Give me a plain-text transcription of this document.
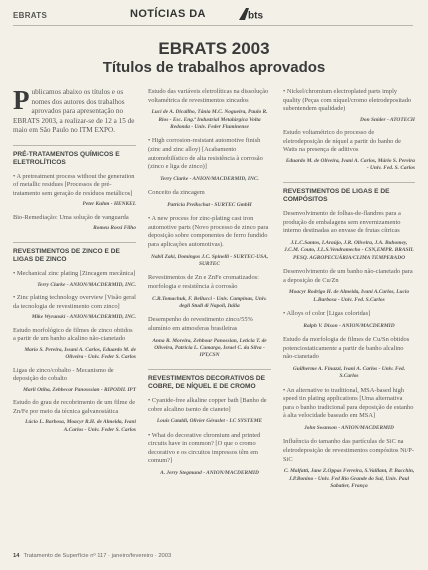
EBRATS	NOTÍCIAS DA	bts
EBRATS 2003
Títulos de trabalhos aprovados

Publicamos abaixo os títulos e os nomes dos autores dos trabalhos aprovados para apresentação no EBRATS 2003, a realizar-se de 12 a 15 de maio em São Paulo no ITM EXPO.

PRÉ-TRATAMENTOS QUÍMICOS E ELETROLÍTICOS

• A pretreatment process without the generation of metallic residues [Processos de pré-tratamento sem geração de resíduos metálicos]

Peter Kuhm - HENKEL

Bio-Remediação: Uma solução de vanguarda

Romeu Rossi Filho
REVESTIMENTOS DE ZINCO E DE LIGAS DE ZINCO

• Mechanical zinc plating [Zincagem mecânica]

Terry Clarke - ANION/MACDERMID, INC.

• Zinc plating technology overview [Visão geral da tecnologia de revestimento com zinco]

Mike Wyranski - ANION/MACDERMID, INC.

Estudo morfológico de filmes de zinco obtidos a partir de um banho alcalino não-cianetado

Mario S. Pereira, Issani A. Carlos, Eduardo M. de Oliveira - Univ. Feder S. Carlos

Ligas de zinco/cobalto - Mecanismo de deposição do cobalto

Marli Otiha, Zebbecar Panosssian - RIPODIL IPT

Estudo do grau de recobrimento de um filme de Zn/Fe por meio da técnica galvanostática

Lúcio L. Barbosa, Moacyr R.H. de Almeida, Ivani A.Carlos - Univ. Feder S. Carlos

Estudo das variáveis eletrolíticas na dissolução voltamétrica de revestimentos zincados

Luci de A. Dicallho, Tânia M.C. Nogueira, Paulo R. Rios - Esc. Eng.ª Industrial Metalúrgica Volta Redonda - Univ. Feder Fluminense

• High corrosion-resistant automotive finish (zinc and zinc alloy) [Acabamento automobilístico de alta resistência à corrosão (zinco e liga de zinco)]

Terry Clarke - ANION/MACDERMID, INC.

Conceito da zincagem

Patricia Preikschat - SURTEC GmbH

• A new process for zinc-plating cast iron automotive parts (Novo processo de zinco para deposição sobre componentes de ferro fundido para aplicações automotivas).

Nabil Zaki, Domingos J.C. Spinelli - SURTEC-USA, SURTEC

Revestimentos de Zn e ZnFe cromatizados: morfologia e resistência à corrosão

C.R.Tomachuk, F. Bellucci - Univ. Campinas, Univ. degli Studi di Napoli, Itália

Desempenho do revestimento zinco/55% alumínio em atmosferas brasileiras

Anna R. Moreira, Zehbour Panossian, Leticia T. de Oliveira, Patricia L. Camargo, Israel C. da Silva - IPT,CSN
REVESTIMENTOS DECORATIVOS DE COBRE, DE NÍQUEL E DE CROMO

• Cyanide-free alkaline copper bath [Banho de cobre alcalino isento de cianeto]

Louis Cataldi, Olivier Géraslet - LC SYSTEME

• What do decorative chromium and printed circuits have in common? [O que o cromo decorativo e os circuitos impressos têm em comum?]

A. Jerry Stegmund - ANION/MACDERMID

• Nickel/chromium electroplated parts imply quality (Peças com níquel/cromo eletrodepositado subentendem qualidade)

Don Snider - ATOTECH

Estudo voltamétrico do processo de eletrodeposição de níquel a partir do banho de Watts na presença de aditivos

Eduardo M. de Oliveira, Ivani A. Carlos, Mário S. Pereira - Univ. Fed. S. Carlos
REVESTIMENTOS DE LIGAS E DE COMPÓSITOS

Desenvolvimento de folhas-de-flandres para a produção de embalagens sem envernizamento interno destinadas ao envase de frutas cítricas

J.L.C.Santos, I.Araújo, J.R. Oliveira, J.A. Buhomey, J.C.M. Couto, J.L.S.Vendramecho - CSN,EMPR. BRASIL PESQ. AGROPECUÁRIA/CLIMA TEMPERADO

Desenvolvimento de um banho não-cianetado para a deposição de Cu/Zn

Moacyr Rodrigo H. de Almeida, Ivani A.Carlos, Lucio L.Barbosa - Univ. Fed. S.Carlos

• Alloys of color [Ligas coloridas]

Ralph V. Dixon - ANION/MACDERMID

Estudo da morfologia de filmes de Cu/Sn obtidos potenciostaticamente a partir de banho alcalino não-cianetado

Guilherme A. Finazzi, Ivani A. Carlos - Univ. Fed. S.Carlos

• An alternative to traditional, MSA-based high speed tin plating applications [Uma alternativa para o banho tradicional para deposição de estanho à alta velocidade baseado em MSA]

John Swanson - ANION/MACDERMID

Influência do tamanho das partículas de SiC na eletrodeposição de revestimentos compósitos Ni/P-SiC

C. Malfatti, Jane Z.Oppas Ferreira, S.Vaillant, P. Bacchin, J.P.Bonino - Univ. Fed Rio Grande do Sul, Univ. Paul Sabatier, França
14 Tratamento de Superfície nº 117 · janeiro/fevereiro · 2003
